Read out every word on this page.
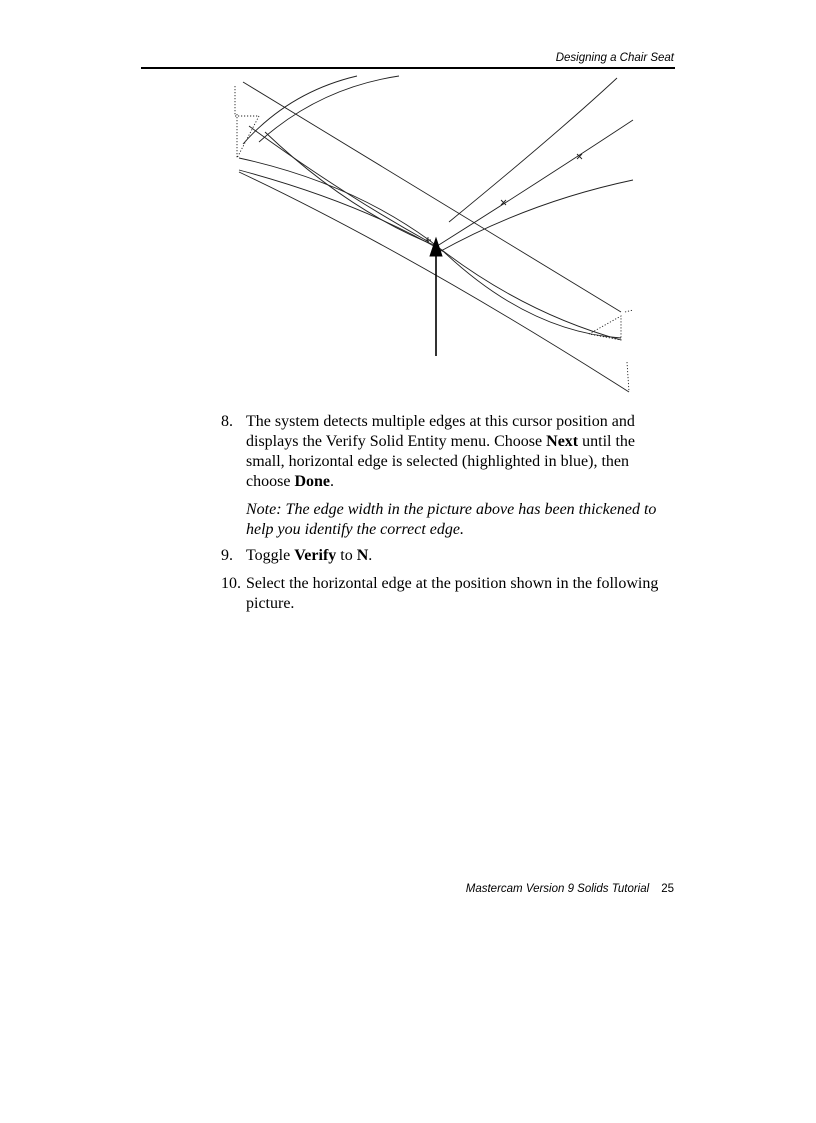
Designing a Chair Seat
8. The system detects multiple edges at this cursor position and displays the Verify Solid Entity menu. Choose Next until the small, horizontal edge is selected (highlighted in blue), then choose Done.
Note: The edge width in the picture above has been thickened to help you identify the correct edge.
9. Toggle Verify to N.
10. Select the horizontal edge at the position shown in the following picture.
Mastercam Version 9 Solids Tutorial 25
